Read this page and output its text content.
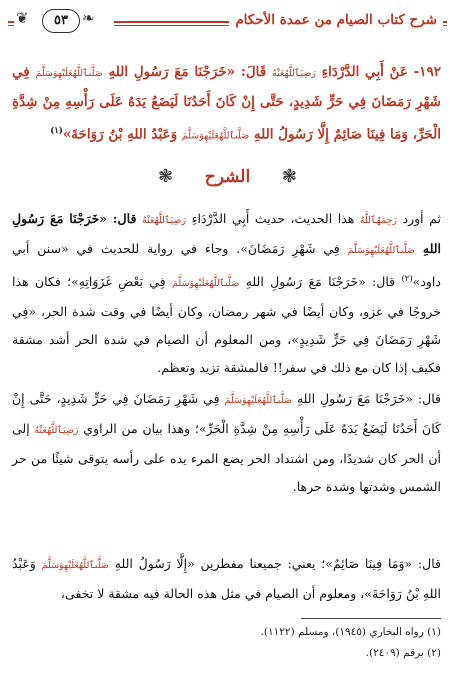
شرح كتاب الصيام من عمدة الأحكام
❦	٥٣ ❧
١٩٢- عَنْ أَبِي الدَّرْدَاءِ رَضِيَٱللَّهُعَنْهُ قَالَ: «خَرَجْنَا مَعَ رَسُولِ اللهِ صَلَّىٱللَّهُعَلَيْهِوَسَلَّمَ فِي شَهْرِ رَمَضَانَ فِي حَرٍّ شَدِيدٍ، حَتَّى إِنْ كَانَ أَحَدُنَا لَيَضَعُ يَدَهُ عَلَى رَأْسِهِ مِنْ شِدَّةِ الْحَرِّ، وَمَا فِينَا صَائِمٌ إِلَّا رَسُولُ اللهِ صَلَّىٱللَّهُعَلَيْهِوَسَلَّمَ وَعَبْدُ اللهِ بْنُ رَوَاحَةَ»$^{(١)}$
❃
الشرح
❃
ثم أورد رَحِمَهُٱللَّهُ هذا الحديث، حديث أَبِي الدَّرْدَاءِ رَضِيَٱللَّهُعَنْهُ قال: «خَرَجْنَا مَعَ رَسُولِ اللهِ صَلَّىٱللَّهُعَلَيْهِوَسَلَّمَ فِي شَهْرِ رَمَضَانَ». وجاء في رواية للحديث في «سنن أبي داود»$^{(٢)}$ قال: «خَرَجْنَا مَعَ رَسُولِ اللهِ صَلَّىٱللَّهُعَلَيْهِوَسَلَّمَ فِي بَعْضِ غَزَوَاتِهِ»؛ فكان هذا خروجًا في غزو، وكان أيضًا في شهر رمضان، وكان أيضًا في وقت شدة الحر، «فِي شَهْرِ رَمَضَانَ فِي حَرٍّ شَدِيدٍ»، ومن المعلوم أن الصيام في شدة الحر أشد مشقة فكيف إذا كان مع ذلك في سفر!! فالمشقة تزيد وتعظم.
قال: «خَرَجْنَا مَعَ رَسُولِ اللهِ صَلَّىٱللَّهُعَلَيْهِوَسَلَّمَ فِي شَهْرِ رَمَضَانَ فِي حَرٍّ شَدِيدٍ، حَتَّى إِنْ كَانَ أَحَدُنَا لَيَضَعُ يَدَهُ عَلَى رَأْسِهِ مِنْ شِدَّةِ الْحَرِّ»؛ وهذا بيان من الراوي رَضِيَٱللَّهُعَنْهُ إلى أن الحر كان شديدًا، ومن اشتداد الحر يضع المرء يده على رأسه يتوقى شيئًا من حر الشمس وشدتها وشدة حرها.
قال: «وَمَا فِينَا صَائِمٌ»؛ يعني: جميعنا مفطرين «إِلَّا رَسُولُ اللهِ صَلَّىٱللَّهُعَلَيْهِوَسَلَّمَ وَعَبْدُ اللهِ بْنُ رَوَاحَةَ»، ومعلوم أن الصيام في مثل هذه الحالة فيه مشقة لا تخفى،
(١) رواه البخاري (١٩٤٥)، ومسلم (١١٢٢).
(٢) برقم (٢٤٠٩).
